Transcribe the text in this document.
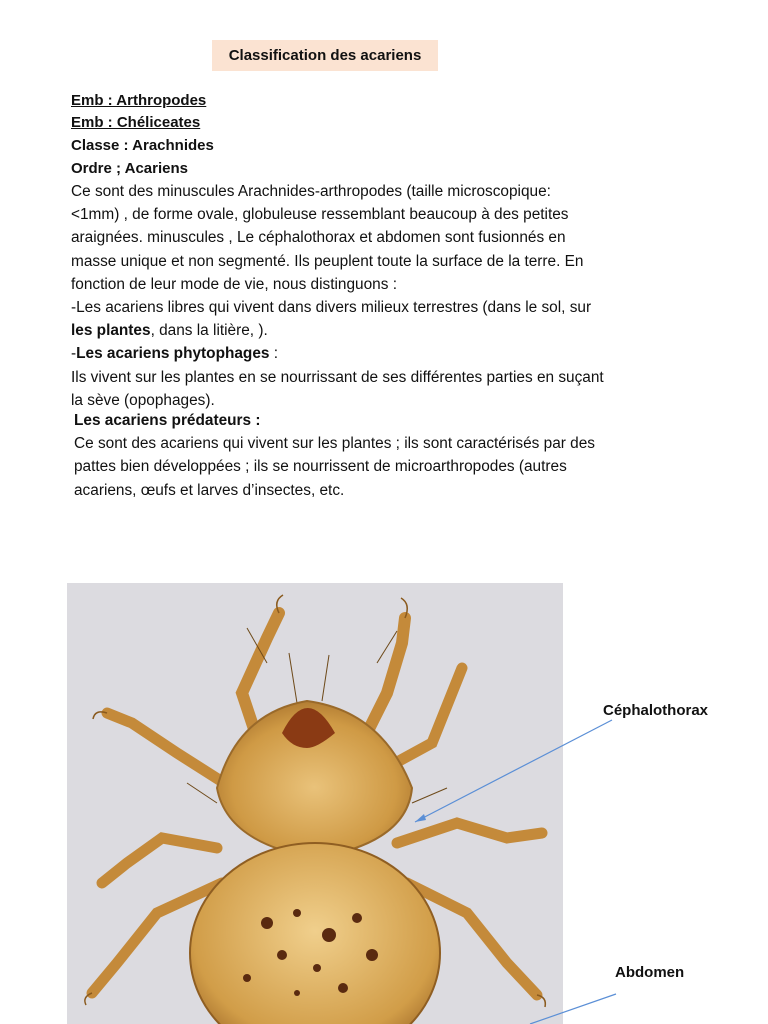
Classification des acariens
Emb : Arthropodes
Emb : Chéliceates
Classe : Arachnides
Ordre ; Acariens
Ce sont des minuscules Arachnides-arthropodes (taille microscopique:
<1mm) , de forme ovale, globuleuse ressemblant beaucoup à des petites
araignées. minuscules , Le céphalothorax et abdomen sont fusionnés en
masse unique et non segmenté. Ils peuplent toute la surface de la terre. En
fonction de leur mode de vie, nous distinguons :
-Les acariens libres qui vivent dans divers milieux terrestres (dans le sol, sur
les plantes, dans la litière, ).
-Les acariens phytophages :
Ils vivent sur les plantes en se nourrissant de ses différentes parties en suçant
la sève (opophages).
Les acariens prédateurs :
Ce sont des acariens qui vivent sur les plantes ; ils sont caractérisés par des
pattes bien développées ; ils se nourrissent de microarthropodes (autres
acariens, œufs et larves d’insectes, etc.
Céphalothorax
Abdomen
